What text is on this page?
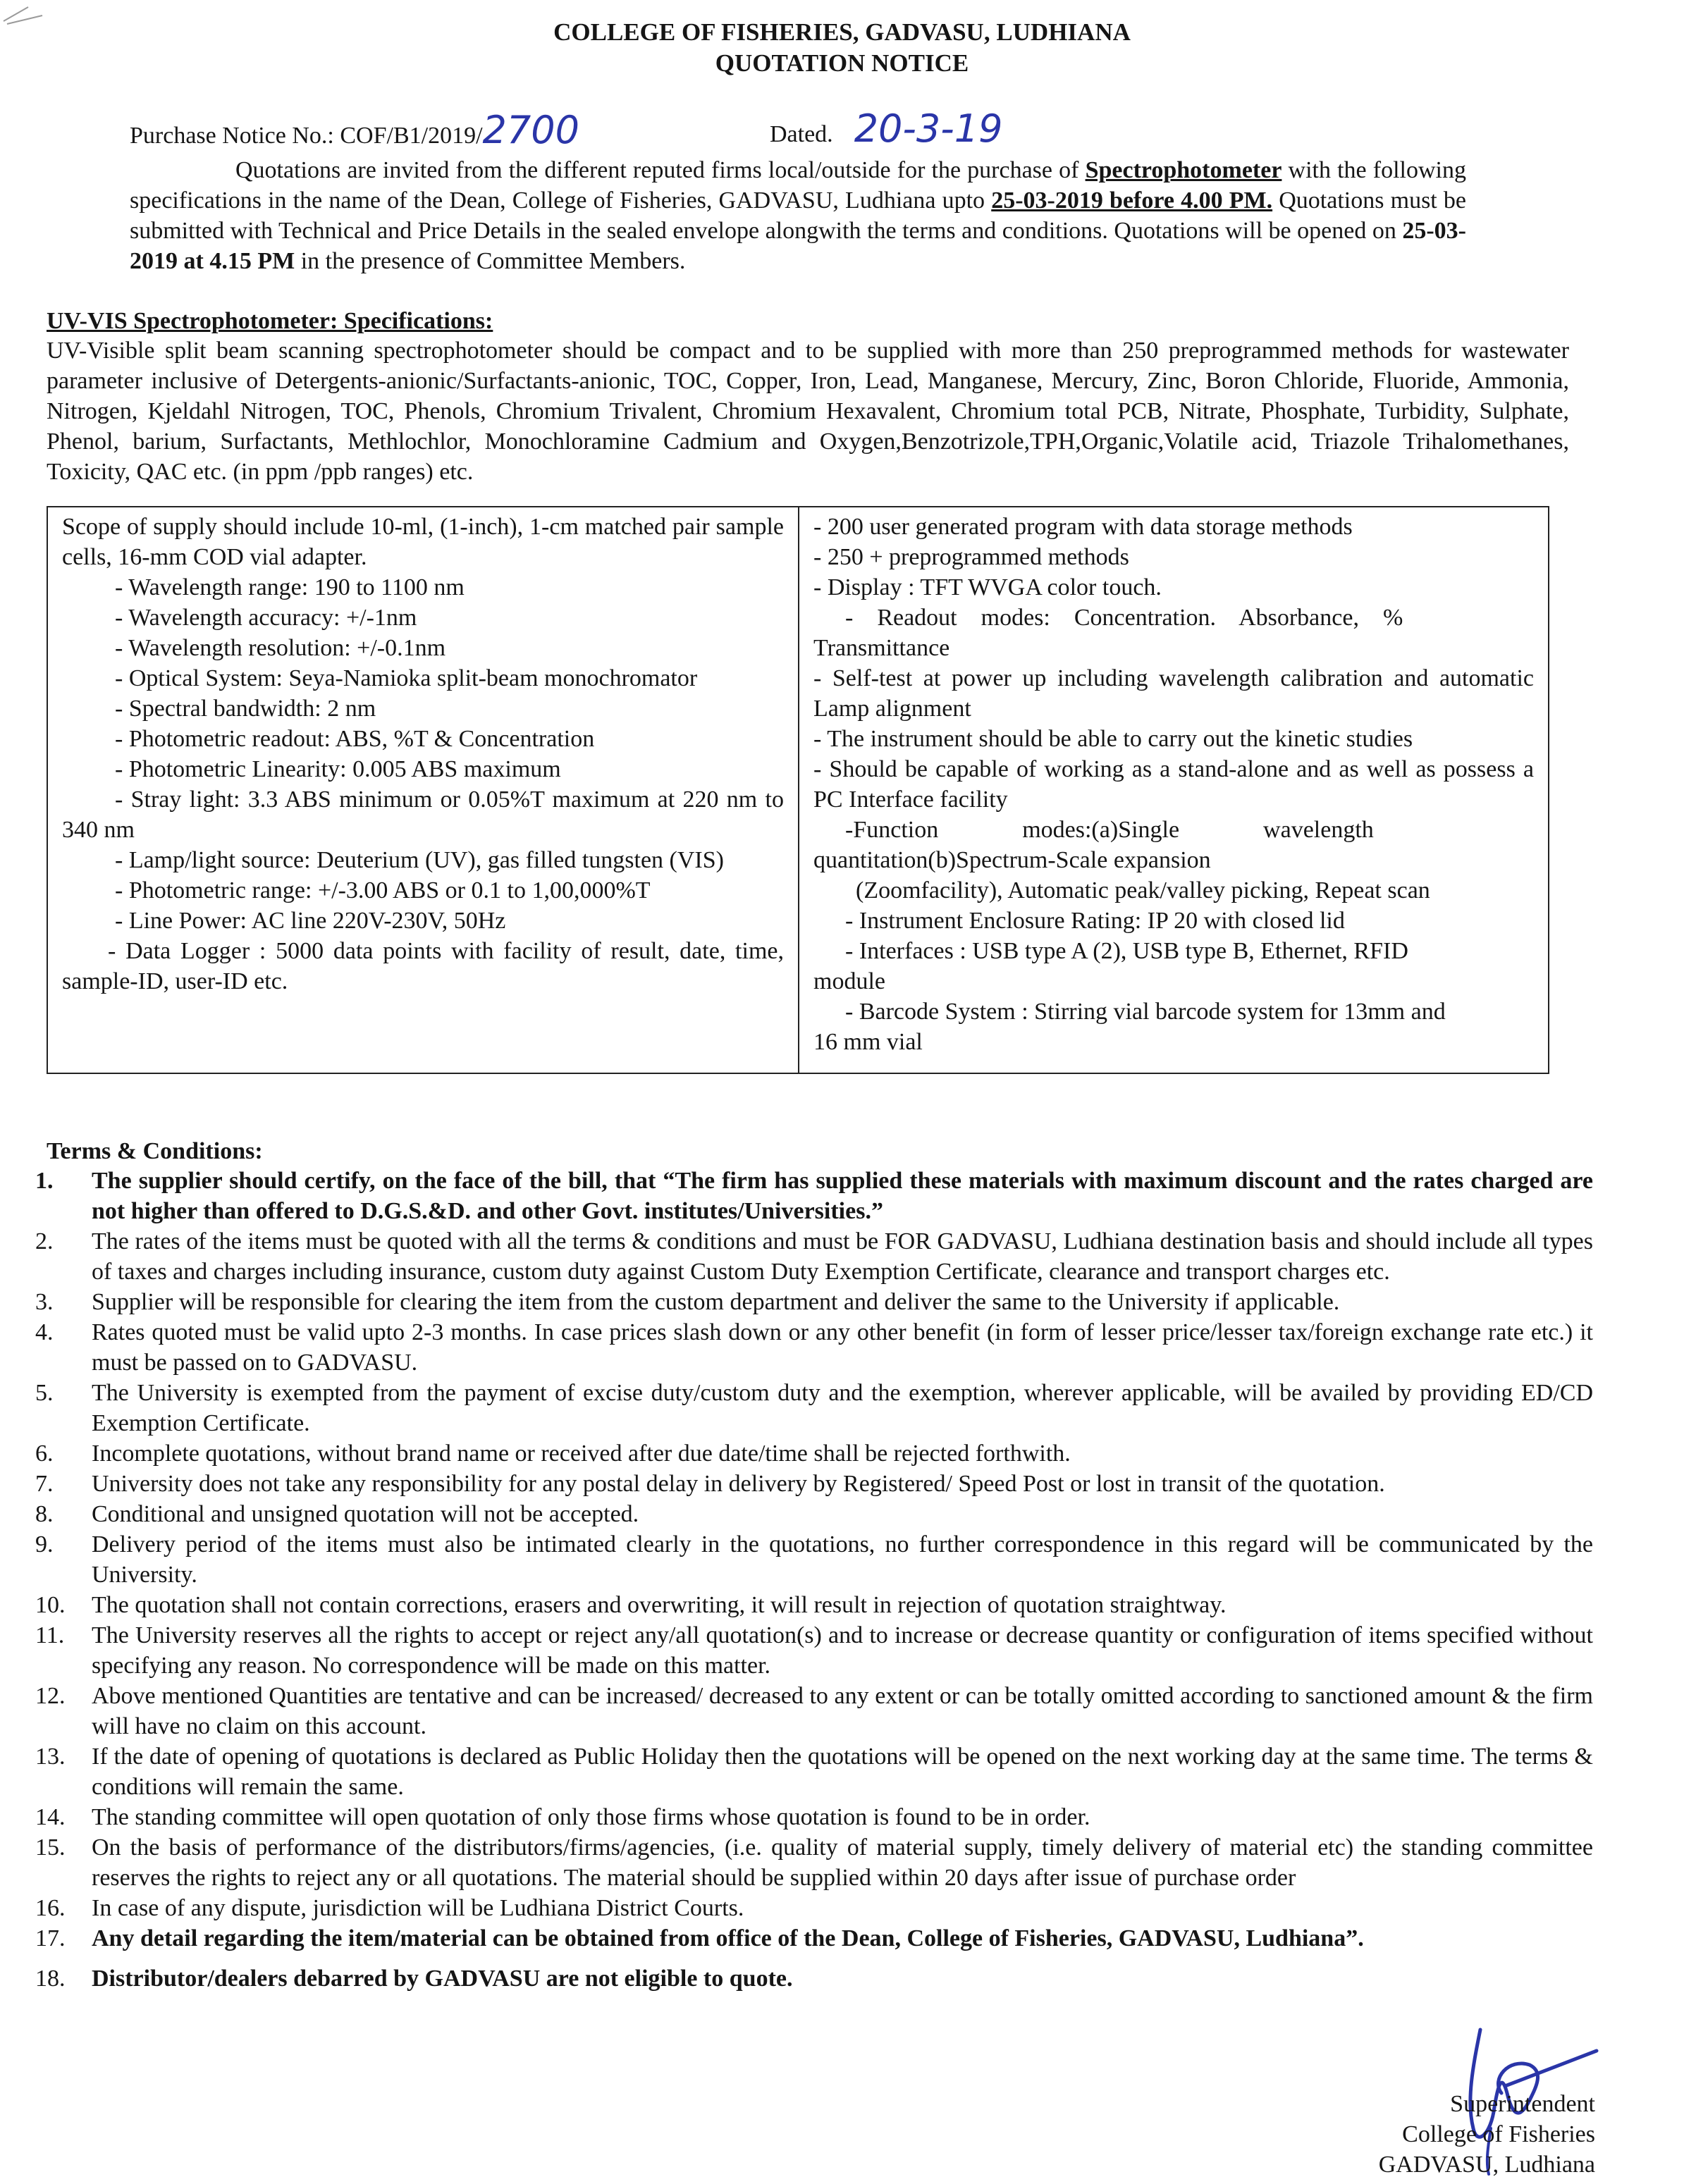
COLLEGE OF FISHERIES, GADVASU, LUDHIANA
QUOTATION NOTICE
Purchase Notice No.: COF/B1/2019/2700	Dated. 20-3-19
Quotations are invited from the different reputed firms local/outside for the purchase of Spectrophotometer with the following specifications in the name of the Dean, College of Fisheries, GADVASU, Ludhiana upto 25-03-2019 before 4.00 PM. Quotations must be submitted with Technical and Price Details in the sealed envelope alongwith the terms and conditions. Quotations will be opened on 25-03-2019 at 4.15 PM in the presence of Committee Members.
UV-VIS Spectrophotometer: Specifications:
UV-Visible split beam scanning spectrophotometer should be compact and to be supplied with more than 250 preprogrammed methods for wastewater parameter inclusive of Detergents-anionic/Surfactants-anionic, TOC, Copper, Iron, Lead, Manganese, Mercury, Zinc, Boron Chloride, Fluoride, Ammonia, Nitrogen, Kjeldahl Nitrogen, TOC, Phenols, Chromium Trivalent, Chromium Hexavalent, Chromium total PCB, Nitrate, Phosphate, Turbidity, Sulphate, Phenol, barium, Surfactants, Methlochlor, Monochloramine Cadmium and Oxygen,Benzotrizole,TPH,Organic,Volatile acid, Triazole Trihalomethanes, Toxicity, QAC etc. (in ppm /ppb ranges) etc.
Scope of supply should include 10-ml, (1-inch), 1-cm matched pair sample cells, 16-mm COD vial adapter.
- Wavelength range: 190 to 1100 nm
- Wavelength accuracy: +/-1nm
- Wavelength resolution: +/-0.1nm
- Optical System: Seya-Namioka split-beam monochromator
- Spectral bandwidth: 2 nm
- Photometric readout: ABS, %T & Concentration
- Photometric Linearity: 0.005 ABS maximum
- Stray light: 3.3 ABS minimum or 0.05%T maximum at 220 nm to 340 nm
- Lamp/light source: Deuterium (UV), gas filled tungsten (VIS)
- Photometric range: +/-3.00 ABS or 0.1 to 1,00,000%T
- Line Power: AC line 220V-230V, 50Hz
- Data Logger : 5000 data points with facility of result, date, time, sample-ID, user-ID etc.

- 200 user generated program with data storage methods
- 250 + preprogrammed methods
- Display : TFT WVGA color touch.
-    Readout    modes:    Concentration.    Absorbance,    %
Transmittance
- Self-test at power up including wavelength calibration and automatic Lamp alignment
- The instrument should be able to carry out the kinetic studies
- Should be capable of working as a stand-alone and as well as possess a PC Interface facility
-Function              modes:(a)Single              wavelength
quantitation(b)Spectrum-Scale expansion
(Zoomfacility), Automatic peak/valley picking, Repeat scan
- Instrument Enclosure Rating: IP 20 with closed lid
- Interfaces : USB type A (2), USB type B, Ethernet, RFID
module
- Barcode System : Stirring vial barcode system for 13mm and
16 mm vial
Terms & Conditions:
1.	The supplier should certify, on the face of the bill, that “The firm has supplied these materials with maximum discount and the rates charged are not higher than offered to D.G.S.&D. and other Govt. institutes/Universities.”
2.	The rates of the items must be quoted with all the terms & conditions and must be FOR GADVASU, Ludhiana destination basis and should include all types of taxes and charges including insurance, custom duty against Custom Duty Exemption Certificate, clearance and transport charges etc.
3.	Supplier will be responsible for clearing the item from the custom department and deliver the same to the University if applicable.
4.	Rates quoted must be valid upto 2-3 months. In case prices slash down or any other benefit (in form of lesser price/lesser tax/foreign exchange rate etc.) it must be passed on to GADVASU.
5.	The University is exempted from the payment of excise duty/custom duty and the exemption, wherever applicable, will be availed by providing ED/CD Exemption Certificate.
6.	Incomplete quotations, without brand name or received after due date/time shall be rejected forthwith.
7.	University does not take any responsibility for any postal delay in delivery by Registered/ Speed Post or lost in transit of the quotation.
8.	Conditional and unsigned quotation will not be accepted.
9.	Delivery period of the items must also be intimated clearly in the quotations, no further correspondence in this regard will be communicated by the University.
10.	The quotation shall not contain corrections, erasers and overwriting, it will result in rejection of quotation straightway.
11.	The University reserves all the rights to accept or reject any/all quotation(s) and to increase or decrease quantity or configuration of items specified without specifying any reason. No correspondence will be made on this matter.
12.	Above mentioned Quantities are tentative and can be increased/ decreased to any extent or can be totally omitted according to sanctioned amount & the firm will have no claim on this account.
13.	If the date of opening of quotations is declared as Public Holiday then the quotations will be opened on the next working day at the same time. The terms & conditions will remain the same.
14.	The standing committee will open quotation of only those firms whose quotation is found to be in order.
15.	On the basis of performance of the distributors/firms/agencies, (i.e. quality of material supply, timely delivery of material etc) the standing committee reserves the rights to reject any or all quotations. The material should be supplied within 20 days after issue of purchase order
16.	In case of any dispute, jurisdiction will be Ludhiana District Courts.
17.	Any detail regarding the item/material can be obtained from office of the Dean, College of Fisheries, GADVASU, Ludhiana”.
18.	Distributor/dealers debarred by GADVASU are not eligible to quote.
Superintendent
College of Fisheries
GADVASU, Ludhiana
